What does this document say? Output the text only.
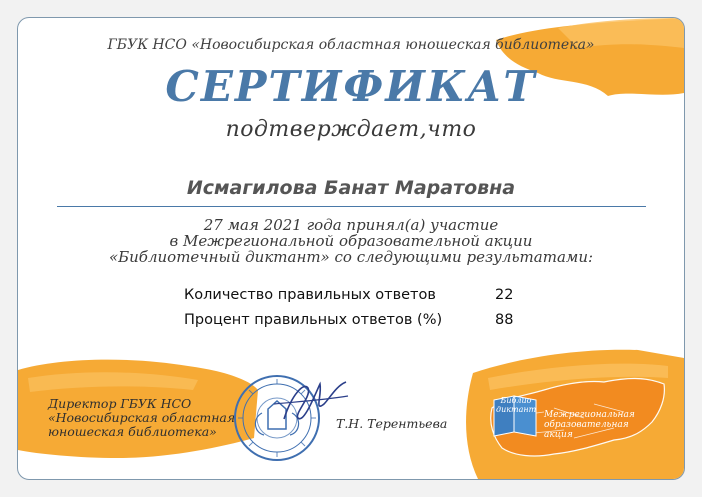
ГБУК НСО «Новосибирская областная юношеская библиотека»
СЕРТИФИКАТ
подтверждает,что
Исмагилова Банат Маратовна
27 мая 2021 года принял(а) участие
в Межрегиональной образовательной акции
«Библиотечный диктант» со следующими результатами:
Количество правильных ответов	22
Процент правильных ответов (%)	88
Директор ГБУК НСО
«Новосибирская областная
юношеская библиотека»
Т.Н. Терентьева
Библио
диктант
Межрегиональная
образовательная акция
